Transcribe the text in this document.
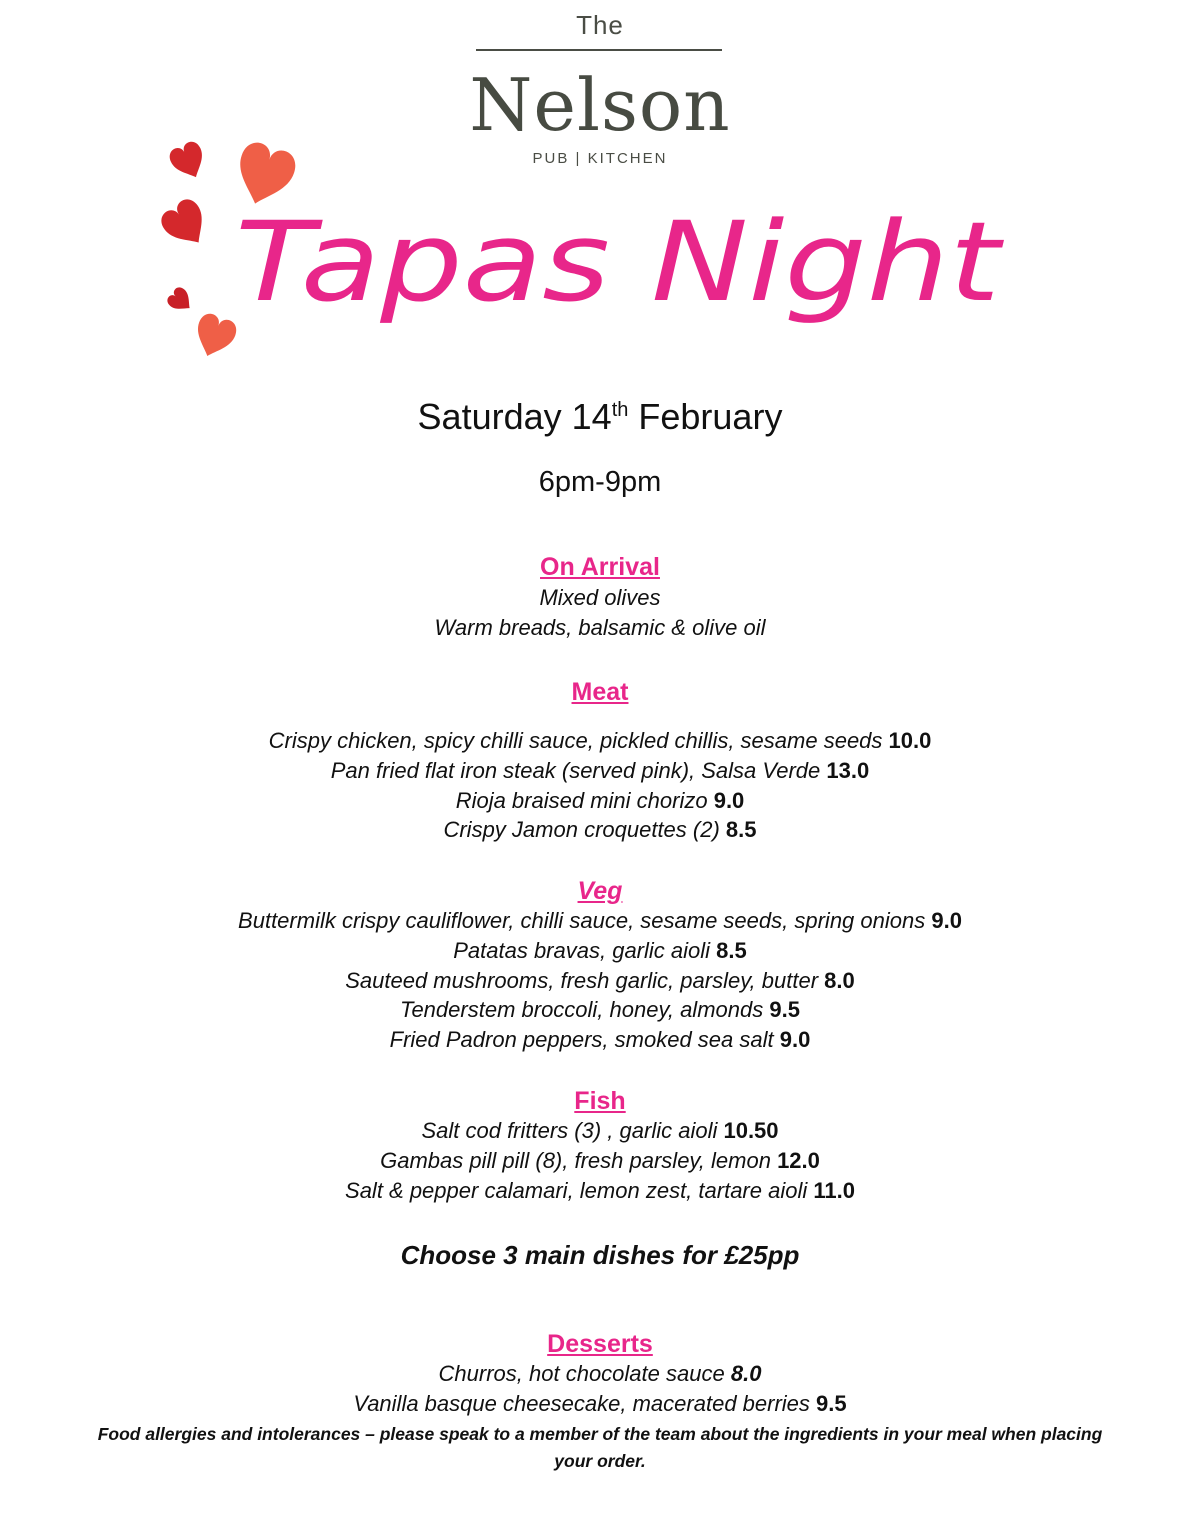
The
Nelson
PUB | KITCHEN
Tapas Night
Saturday 14th February
6pm-9pm
On Arrival
Mixed olives
Warm breads, balsamic & olive oil
Meat
Crispy chicken, spicy chilli sauce, pickled chillis, sesame seeds 10.0
Pan fried flat iron steak (served pink), Salsa Verde 13.0
Rioja braised mini chorizo 9.0
Crispy Jamon croquettes (2) 8.5
Veg
Buttermilk crispy cauliflower, chilli sauce, sesame seeds, spring onions 9.0
Patatas bravas, garlic aioli 8.5
Sauteed mushrooms, fresh garlic, parsley, butter 8.0
Tenderstem broccoli, honey, almonds 9.5
Fried Padron peppers, smoked sea salt 9.0
Fish
Salt cod fritters (3) , garlic aioli 10.50
Gambas pill pill (8), fresh parsley, lemon 12.0
Salt & pepper calamari, lemon zest, tartare aioli 11.0
Choose 3 main dishes for £25pp
Desserts
Churros, hot chocolate sauce 8.0
Vanilla basque cheesecake, macerated berries 9.5
Food allergies and intolerances – please speak to a member of the team about the ingredients in your meal when placing your order.
